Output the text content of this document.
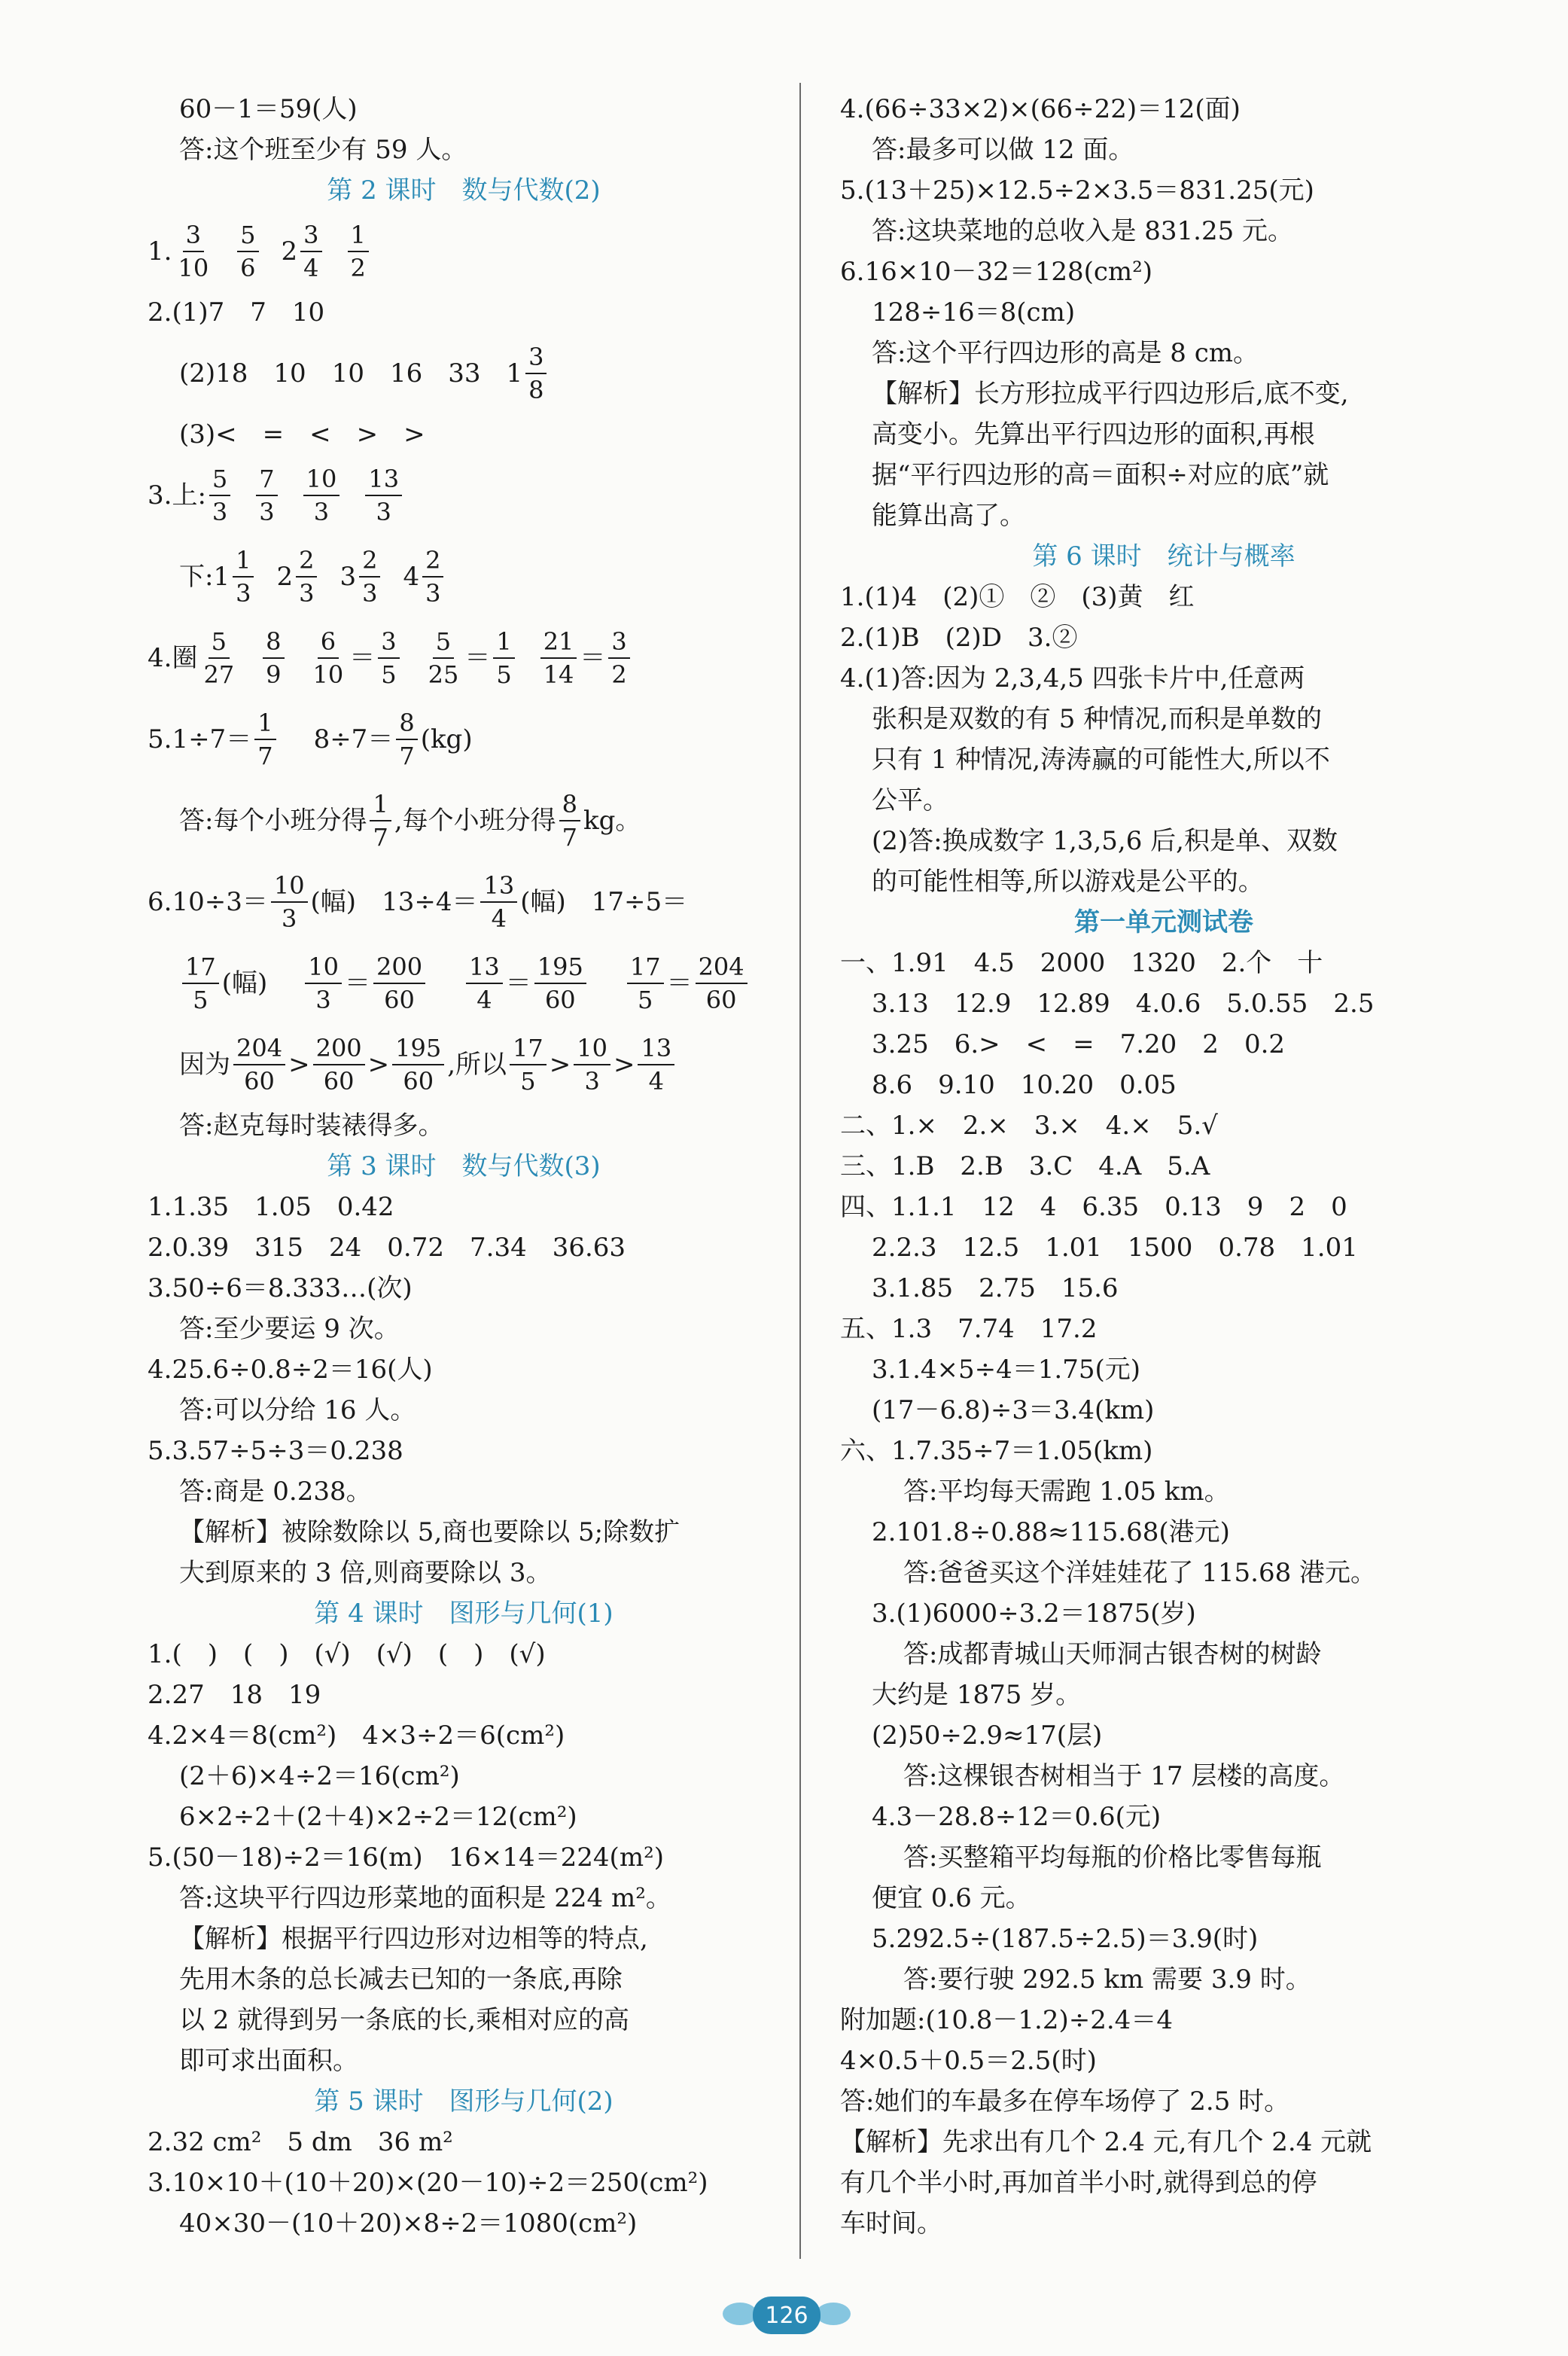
60－1＝59(人)
答:这个班至少有 59 人。
第 2 课时　数与代数(2)
1. $\frac{3}{10} \frac{5}{6} 2 \frac{3}{4} \frac{1}{2}$
2.(1)7　7　10
(2)18　10　10　16　33　$1 \frac{3}{8}$
(3)<　=　<　>　>
3.上: $\frac{5}{3} \frac{7}{3} \frac{10}{3} \frac{13}{3}$
下: $1 \frac{1}{3} 2 \frac{2}{3} 3 \frac{2}{3} 4 \frac{2}{3}$
4.圈 $\frac{5}{27} \frac{8}{9} \frac{6}{10} = \frac{3}{5} \frac{5}{25} = \frac{1}{5} \frac{21}{14} = \frac{3}{2}$
$5.1\div 7= \frac{1}{7} 8\div 7= \frac{8}{7} (kg)$
答:每个小班分得 $\frac{1}{7}$ ,每个小班分得 $\frac{8}{7}$ kg。
$6.10\div 3= \frac{10}{3}$ (幅)　$13\div 4= \frac{13}{4}$ (幅)　17÷5＝
$\frac{17}{5}$ (幅) $\frac{10}{3} = \frac{200}{60} \frac{13}{4} = \frac{195}{60} \frac{17}{5} = \frac{204}{60}$
因为 $\frac{204}{60} > \frac{200}{60} > \frac{195}{60}$ ,所以 $\frac{17}{5} > \frac{10}{3} > \frac{13}{4}$
答:赵克每时装裱得多。
第 3 课时　数与代数(3)
1.1.35　1.05　0.42
2.0.39　315　24　0.72　7.34　36.63
3.50÷6＝8.333…(次)
答:至少要运 9 次。
4.25.6÷0.8÷2＝16(人)
答:可以分给 16 人。
5.3.57÷5÷3＝0.238
答:商是 0.238。
【解析】被除数除以 5,商也要除以 5;除数扩
大到原来的 3 倍,则商要除以 3。
第 4 课时　图形与几何(1)
1.(　)　(　)　(√)　(√)　(　)　(√)
2.27　18　19
4.2×4＝8(cm²)　4×3÷2＝6(cm²)
(2＋6)×4÷2＝16(cm²)
6×2÷2＋(2＋4)×2÷2＝12(cm²)
5.(50－18)÷2＝16(m)　16×14＝224(m²)
答:这块平行四边形菜地的面积是 224 m²。
【解析】根据平行四边形对边相等的特点,
先用木条的总长减去已知的一条底,再除
以 2 就得到另一条底的长,乘相对应的高
即可求出面积。
第 5 课时　图形与几何(2)
2.32 cm²　5 dm　36 m²
3.10×10＋(10＋20)×(20－10)÷2＝250(cm²)
40×30－(10＋20)×8÷2＝1080(cm²)
4.(66÷33×2)×(66÷22)＝12(面)
答:最多可以做 12 面。
5.(13＋25)×12.5÷2×3.5＝831.25(元)
答:这块菜地的总收入是 831.25 元。
6.16×10－32＝128(cm²)
128÷16＝8(cm)
答:这个平行四边形的高是 8 cm。
【解析】长方形拉成平行四边形后,底不变,
高变小。先算出平行四边形的面积,再根
据“平行四边形的高＝面积÷对应的底”就
能算出高了。
第 6 课时　统计与概率
1.(1)4　(2)①　②　(3)黄　红
2.(1)B　(2)D　3.②
4.(1)答:因为 2,3,4,5 四张卡片中,任意两
张积是双数的有 5 种情况,而积是单数的
只有 1 种情况,涛涛赢的可能性大,所以不
公平。
(2)答:换成数字 1,3,5,6 后,积是单、双数
的可能性相等,所以游戏是公平的。
第一单元测试卷
一、1.91　4.5　2000　1320　2.个　十
3.13　12.9　12.89　4.0.6　5.0.55　2.5
3.25　6.>　<　=　7.20　2　0.2
8.6　9.10　10.20　0.05
二、1.×　2.×　3.×　4.×　5.√
三、1.B　2.B　3.C　4.A　5.A
四、1.1.1　12　4　6.35　0.13　9　2　0
2.2.3　12.5　1.01　1500　0.78　1.01
3.1.85　2.75　15.6
五、1.3　7.74　17.2
3.1.4×5÷4＝1.75(元)
(17－6.8)÷3＝3.4(km)
六、1.7.35÷7＝1.05(km)
答:平均每天需跑 1.05 km。
2.101.8÷0.88≈115.68(港元)
答:爸爸买这个洋娃娃花了 115.68 港元。
3.(1)6000÷3.2＝1875(岁)
答:成都青城山天师洞古银杏树的树龄
大约是 1875 岁。
(2)50÷2.9≈17(层)
答:这棵银杏树相当于 17 层楼的高度。
4.3－28.8÷12＝0.6(元)
答:买整箱平均每瓶的价格比零售每瓶
便宜 0.6 元。
5.292.5÷(187.5÷2.5)＝3.9(时)
答:要行驶 292.5 km 需要 3.9 时。
附加题:(10.8－1.2)÷2.4＝4
4×0.5＋0.5＝2.5(时)
答:她们的车最多在停车场停了 2.5 时。
【解析】先求出有几个 2.4 元,有几个 2.4 元就
有几个半小时,再加首半小时,就得到总的停
车时间。
126
